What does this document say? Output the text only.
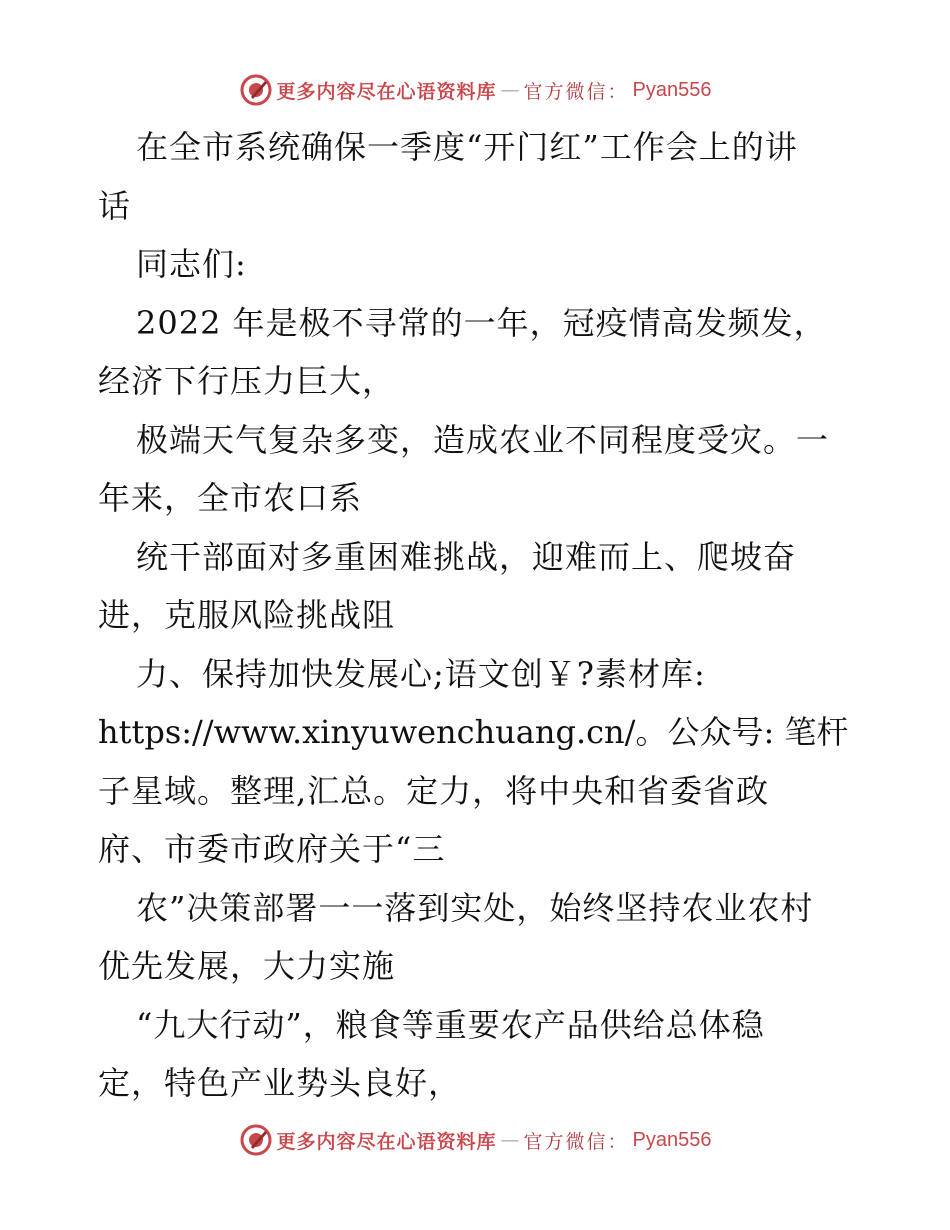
更多内容尽在心语资料库 — 官方微信： Pyan556
在全市系统确保一季度“开门红”工作会上的讲
话
同志们:
2022 年是极不寻常的一年，冠疫情高发频发，
经济下行压力巨大，
极端天气复杂多变，造成农业不同程度受灾。一
年来，全市农口系
统干部面对多重困难挑战，迎难而上、爬坡奋
进，克服风险挑战阻
力、保持加快发展心;语文创￥?素材库:
https://www.xinyuwenchuang.cn/。公众号: 笔杆
子星域。整理,汇总。定力，将中央和省委省政
府、市委市政府关于“三
农”决策部署一一落到实处，始终坚持农业农村
优先发展，大力实施
“九大行动”，粮食等重要农产品供给总体稳
定，特色产业势头良好，
更多内容尽在心语资料库 — 官方微信： Pyan556
